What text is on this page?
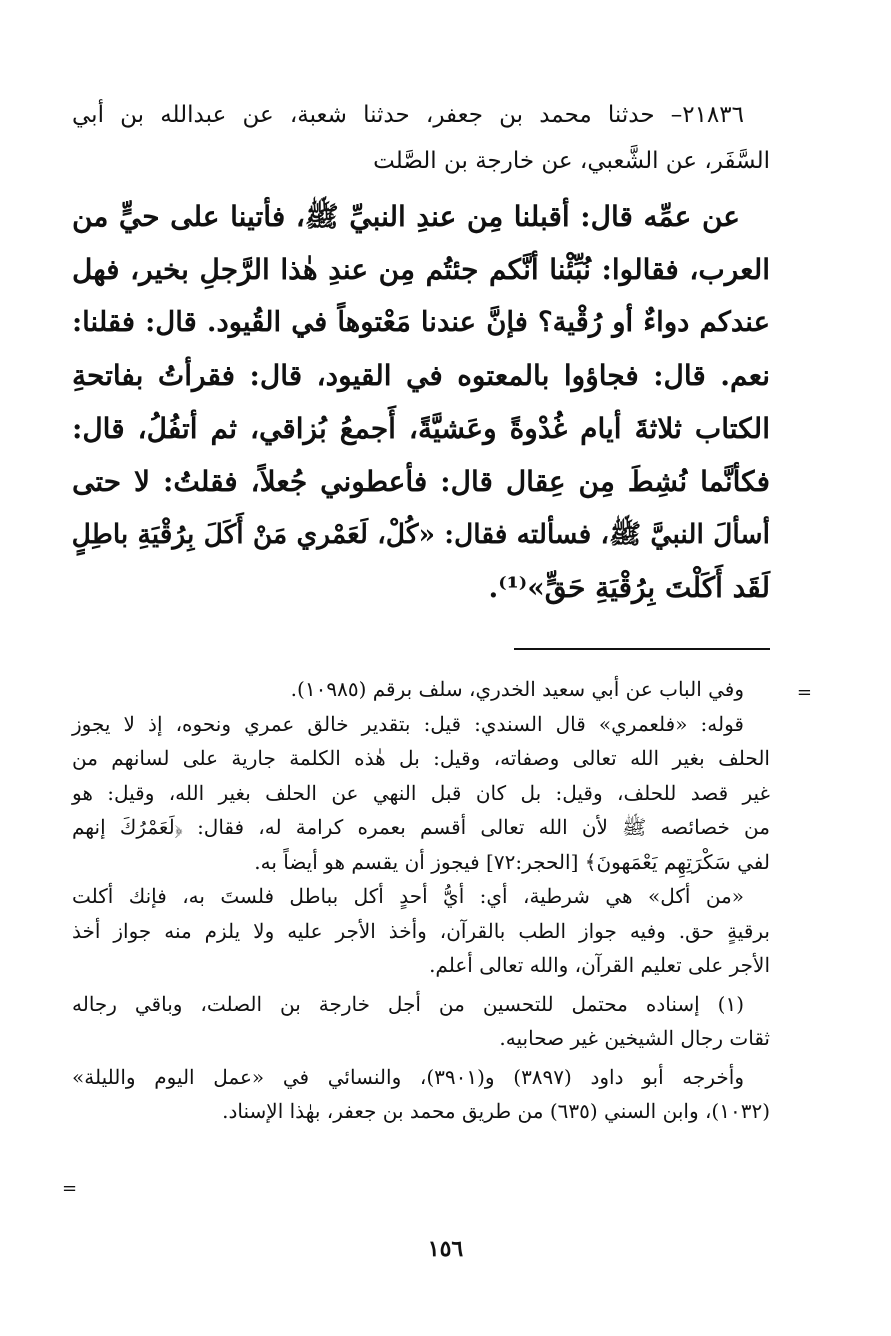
٢١٨٣٦– حدثنا محمد بن جعفر، حدثنا شعبة، عن عبدالله بن أبي
السَّفَر، عن الشَّعبي، عن خارجة بن الصَّلت
عن عمِّه قال: أقبلنا مِن عندِ النبيِّ ﷺ، فأتينا على حيٍّ من
العرب، فقالوا: نُبِّئْنا أنَّكم جئتُم مِن عندِ هٰذا الرَّجلِ بخير، فهل
عندكم دواءٌ أو رُقْية؟ فإنَّ عندنا مَعْتوهاً في القُيود. قال: فقلنا:
نعم. قال: فجاؤوا بالمعتوه في القيود، قال: فقرأتُ بفاتحةِ
الكتاب ثلاثةَ أيام غُدْوةً وعَشيَّةً، أَجمعُ بُزاقي، ثم أتفُلُ، قال:
فكأنَّما نُشِطَ مِن عِقال قال: فأعطوني جُعلاً، فقلتُ: لا حتى
أسألَ النبيَّ ﷺ، فسألته فقال: «كُلْ، لَعَمْري مَنْ أَكَلَ بِرُقْيَةِ باطِلٍ
لَقَد أَكَلْتَ بِرُقْيَةِ حَقٍّ»⁽¹⁾.
وفي الباب عن أبي سعيد الخدري، سلف برقم (١٠٩٨٥).
قوله: «فلعمري» قال السندي: قيل: بتقدير خالق عمري ونحوه، إذ لا يجوز
الحلف بغير الله تعالى وصفاته، وقيل: بل هٰذه الكلمة جارية على لسانهم من
غير قصد للحلف، وقيل: بل كان قبل النهي عن الحلف بغير الله، وقيل: هو
من خصائصه ﷺ لأن الله تعالى أقسم بعمره كرامة له، فقال: ﴿لَعَمْرُكَ إنهم
لفي سَكْرَتِهِم يَعْمَهونَ﴾ [الحجر:٧٢] فيجوز أن يقسم هو أيضاً به.
«من أكل» هي شرطية، أي: أيُّ أحدٍ أكل بباطل فلستَ به، فإنك أكلت
برقيةٍ حق. وفيه جواز الطب بالقرآن، وأخذ الأجر عليه ولا يلزم منه جواز أخذ
الأجر على تعليم القرآن، والله تعالى أعلم.
(١) إسناده محتمل للتحسين من أجل خارجة بن الصلت، وباقي رجاله
ثقات رجال الشيخين غير صحابيه.
وأخرجه أبو داود (٣٨٩٧) و(٣٩٠١)، والنسائي في «عمل اليوم والليلة»
(١٠٣٢)، وابن السني (٦٣٥) من طريق محمد بن جعفر، بهٰذا الإسناد.
=
=
١٥٦
